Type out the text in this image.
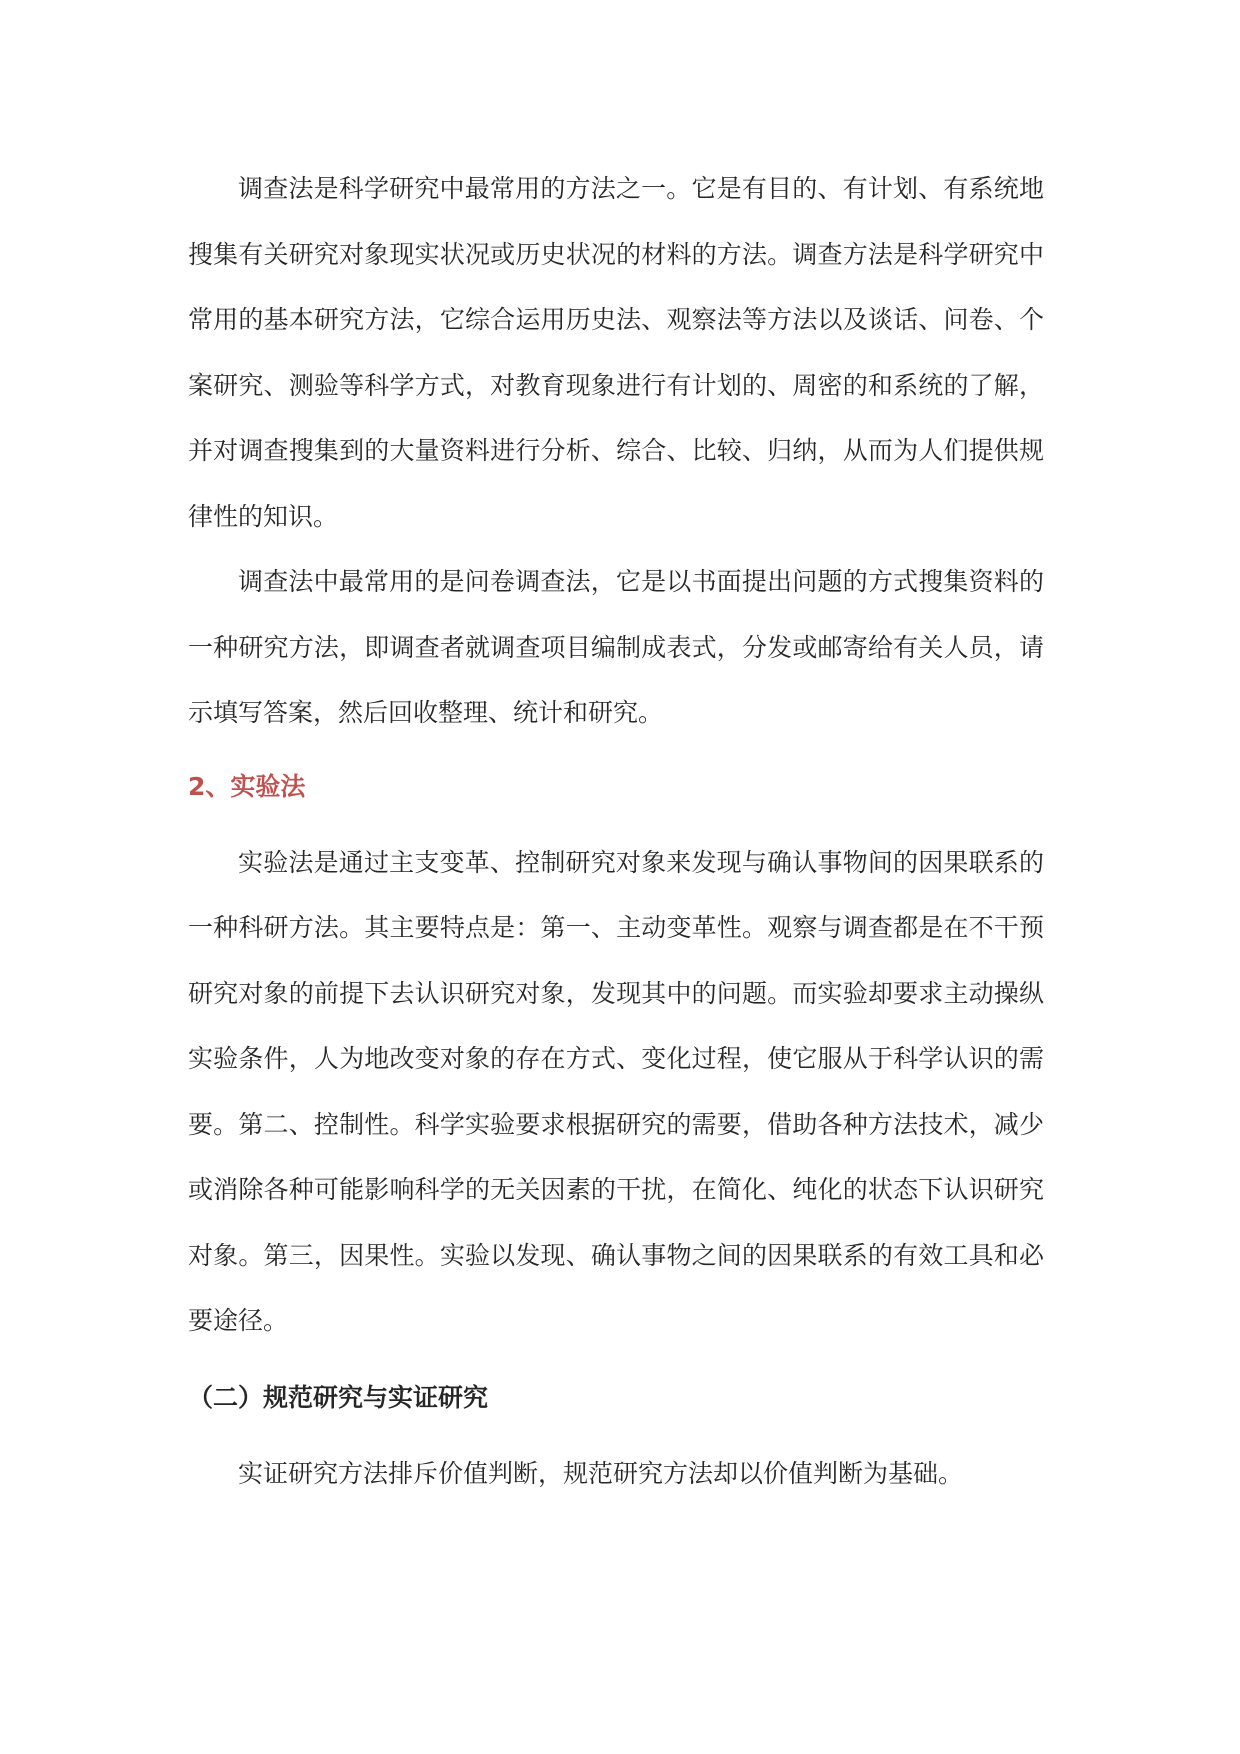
调查法是科学研究中最常用的方法之一。它是有目的、有计划、有系统地搜集有关研究对象现实状况或历史状况的材料的方法。调查方法是科学研究中常用的基本研究方法，它综合运用历史法、观察法等方法以及谈话、问卷、个案研究、测验等科学方式，对教育现象进行有计划的、周密的和系统的了解，并对调查搜集到的大量资料进行分析、综合、比较、归纳，从而为人们提供规律性的知识。

调查法中最常用的是问卷调查法，它是以书面提出问题的方式搜集资料的一种研究方法，即调查者就调查项目编制成表式，分发或邮寄给有关人员，请示填写答案，然后回收整理、统计和研究。

2、实验法

实验法是通过主支变革、控制研究对象来发现与确认事物间的因果联系的一种科研方法。其主要特点是：第一、主动变革性。观察与调查都是在不干预研究对象的前提下去认识研究对象，发现其中的问题。而实验却要求主动操纵实验条件，人为地改变对象的存在方式、变化过程，使它服从于科学认识的需要。第二、控制性。科学实验要求根据研究的需要，借助各种方法技术，减少或消除各种可能影响科学的无关因素的干扰，在简化、纯化的状态下认识研究对象。第三，因果性。实验以发现、确认事物之间的因果联系的有效工具和必要途径。

（二）规范研究与实证研究

实证研究方法排斥价值判断，规范研究方法却以价值判断为基础。
